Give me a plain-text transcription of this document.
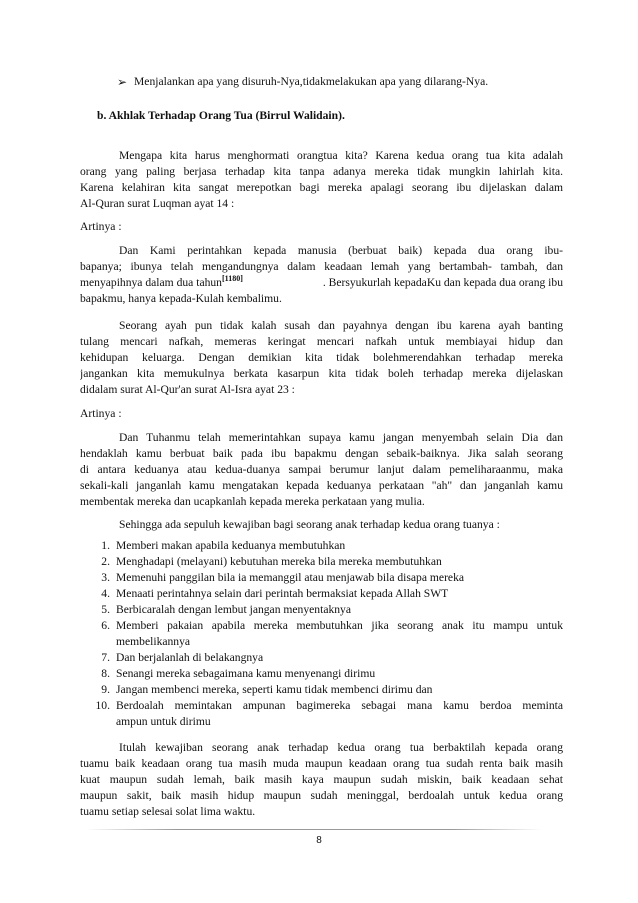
➢ Menjalankan apa yang disuruh-Nya,tidakmelakukan apa yang dilarang-Nya.
b. Akhlak Terhadap Orang Tua (Birrul Walidain).
Mengapa kita harus menghormati orangtua kita? Karena kedua orang tua kita adalah
orang yang paling berjasa terhadap kita tanpa adanya mereka tidak mungkin lahirlah kita.
Karena kelahiran kita sangat merepotkan bagi mereka apalagi seorang ibu dijelaskan dalam
Al-Quran surat Luqman ayat 14 :
Artinya :
Dan Kami perintahkan kepada manusia (berbuat baik) kepada dua orang ibu-
bapanya; ibunya telah mengandungnya dalam keadaan lemah yang bertambah- tambah, dan
menyapihnya dalam dua tahun[1180]	. Bersyukurlah kepadaKu dan kepada dua orang ibu
bapakmu, hanya kepada-Kulah kembalimu.
Seorang ayah pun tidak kalah susah dan payahnya dengan ibu karena ayah banting
tulang mencari nafkah, memeras keringat mencari nafkah untuk membiayai hidup dan
kehidupan keluarga. Dengan demikian kita tidak bolehmerendahkan terhadap mereka
jangankan kita memukulnya berkata kasarpun kita tidak boleh terhadap mereka dijelaskan
didalam surat Al-Qur'an surat Al-Isra ayat 23 :
Artinya :
Dan Tuhanmu telah memerintahkan supaya kamu jangan menyembah selain Dia dan
hendaklah kamu berbuat baik pada ibu bapakmu dengan sebaik-baiknya. Jika salah seorang
di antara keduanya atau kedua-duanya sampai berumur lanjut dalam pemeliharaanmu, maka
sekali-kali janganlah kamu mengatakan kepada keduanya perkataan "ah" dan janganlah kamu
membentak mereka dan ucapkanlah kepada mereka perkataan yang mulia.
Sehingga ada sepuluh kewajiban bagi seorang anak terhadap kedua orang tuanya :
1. Memberi makan apabila keduanya membutuhkan
2. Menghadapi (melayani) kebutuhan mereka bila mereka membutuhkan
3. Memenuhi panggilan bila ia memanggil atau menjawab bila disapa mereka
4. Menaati perintahnya selain dari perintah bermaksiat kepada Allah SWT
5. Berbicaralah dengan lembut jangan menyentaknya
6. Memberi pakaian apabila mereka membutuhkan jika seorang anak itu mampu untuk
membelikannya
7. Dan berjalanlah di belakangnya
8. Senangi mereka sebagaimana kamu menyenangi dirimu
9. Jangan membenci mereka, seperti kamu tidak membenci dirimu dan
10. Berdoalah memintakan ampunan bagimereka sebagai mana kamu berdoa meminta
ampun untuk dirimu
Itulah kewajiban seorang anak terhadap kedua orang tua berbaktilah kepada orang
tuamu baik keadaan orang tua masih muda maupun keadaan orang tua sudah renta baik masih
kuat maupun sudah lemah, baik masih kaya maupun sudah miskin, baik keadaan sehat
maupun sakit, baik masih hidup maupun sudah meninggal, berdoalah untuk kedua orang
tuamu setiap selesai solat lima waktu.
8
